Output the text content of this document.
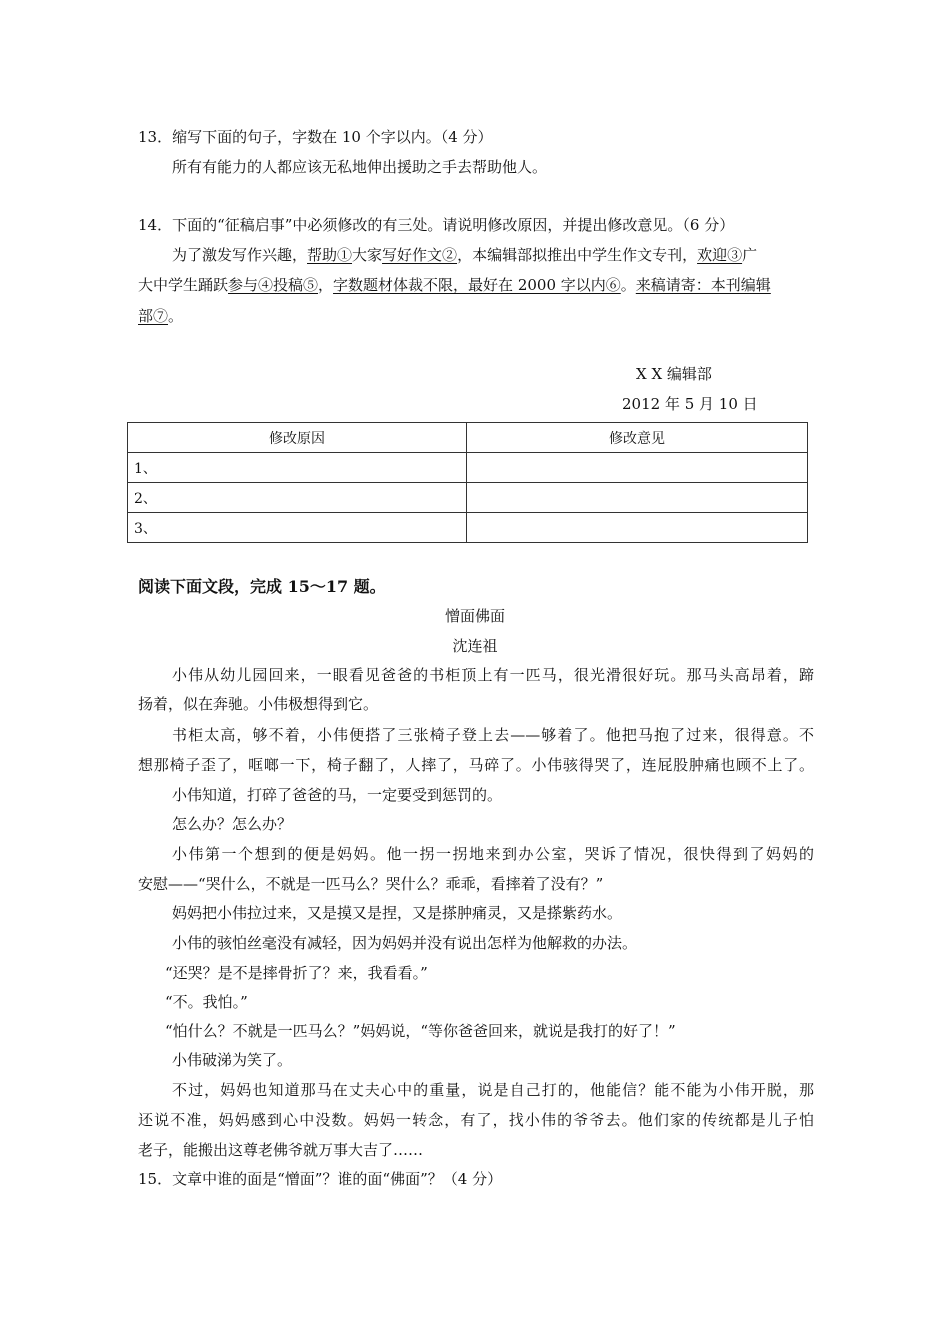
13．缩写下面的句子，字数在 10 个字以内。（4 分）
所有有能力的人都应该无私地伸出援助之手去帮助他人。
14．下面的“征稿启事”中必须修改的有三处。请说明修改原因，并提出修改意见。（6 分）
为了激发写作兴趣，帮助①大家写好作文②，本编辑部拟推出中学生作文专刊，欢迎③广
大中学生踊跃参与④投稿⑤，字数题材体裁不限，最好在 2000 字以内⑥。来稿请寄：本刊编辑
部⑦。
X X 编辑部
2012 年 5 月 10 日
修改原因	修改意见
1、	
2、	
3、	
阅读下面文段，完成 15～17 题。
憎面佛面
沈连祖
小伟从幼儿园回来，一眼看见爸爸的书柜顶上有一匹马，很光滑很好玩。那马头高昂着，蹄
扬着，似在奔驰。小伟极想得到它。
书柜太高，够不着，小伟便搭了三张椅子登上去——够着了。他把马抱了过来，很得意。不
想那椅子歪了，哐啷一下，椅子翻了，人摔了，马碎了。小伟骇得哭了，连屁股肿痛也顾不上了。
小伟知道，打碎了爸爸的马，一定要受到惩罚的。
怎么办？怎么办？
小伟第一个想到的便是妈妈。他一拐一拐地来到办公室，哭诉了情况，很快得到了妈妈的
安慰——“哭什么，不就是一匹马么？哭什么？乖乖，看摔着了没有？”
妈妈把小伟拉过来，又是摸又是捏，又是搽肿痛灵，又是搽紫药水。
小伟的骇怕丝毫没有减轻，因为妈妈并没有说出怎样为他解救的办法。
“还哭？是不是摔骨折了？来，我看看。”
“不。我怕。”
“怕什么？不就是一匹马么？”妈妈说，“等你爸爸回来，就说是我打的好了！”
小伟破涕为笑了。
不过，妈妈也知道那马在丈夫心中的重量，说是自己打的，他能信？能不能为小伟开脱，那
还说不准，妈妈感到心中没数。妈妈一转念，有了，找小伟的爷爷去。他们家的传统都是儿子怕
老子，能搬出这尊老佛爷就万事大吉了……
15．文章中谁的面是“憎面”？谁的面“佛面”？（4 分）
